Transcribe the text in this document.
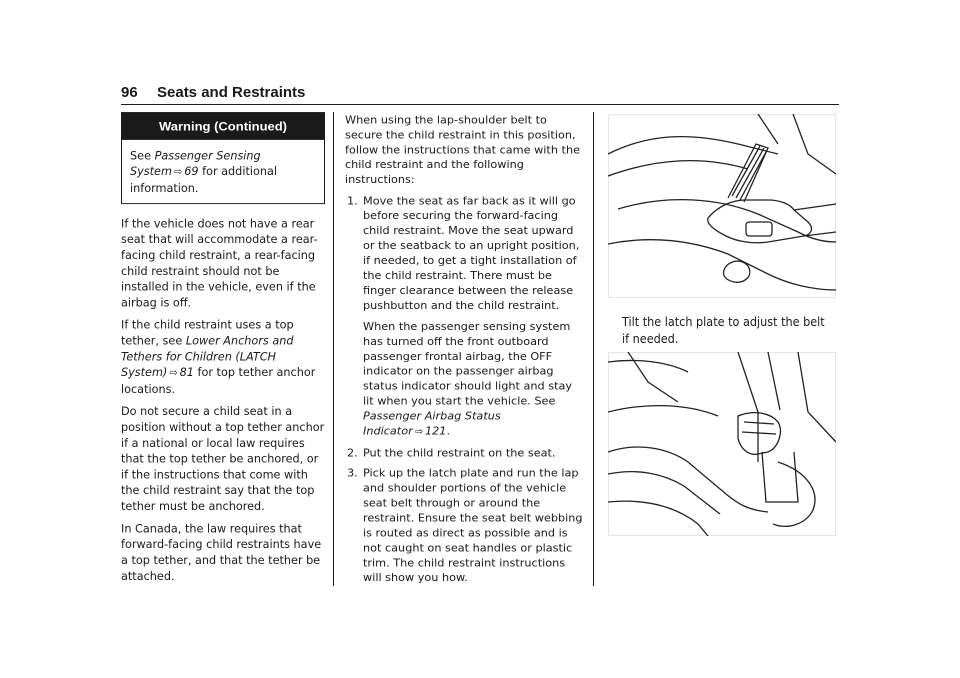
96 Seats and Restraints
Warning (Continued)
See Passenger Sensing System ⇨ 69 for additional information.

If the vehicle does not have a rear seat that will accommodate a rear-facing child restraint, a rear-facing child restraint should not be installed in the vehicle, even if the airbag is off.

If the child restraint uses a top tether, see Lower Anchors and Tethers for Children (LATCH System) ⇨ 81 for top tether anchor locations.

Do not secure a child seat in a position without a top tether anchor if a national or local law requires that the top tether be anchored, or if the instructions that come with the child restraint say that the top tether must be anchored.

In Canada, the law requires that forward-facing child restraints have a top tether, and that the tether be attached.

When using the lap-shoulder belt to secure the child restraint in this position, follow the instructions that came with the child restraint and the following instructions:

1. Move the seat as far back as it will go before securing the forward-facing child restraint. Move the seat upward or the seatback to an upright position, if needed, to get a tight installation of the child restraint. There must be finger clearance between the release pushbutton and the child restraint.

When the passenger sensing system has turned off the front outboard passenger frontal airbag, the OFF indicator on the passenger airbag status indicator should light and stay lit when you start the vehicle. See Passenger Airbag Status Indicator ⇨ 121.

2. Put the child restraint on the seat.
3. Pick up the latch plate and run the lap and shoulder portions of the vehicle seat belt through or around the restraint. Ensure the seat belt webbing is routed as direct as possible and is not caught on seat handles or plastic trim. The child restraint instructions will show you how.
Tilt the latch plate to adjust the belt if needed.
